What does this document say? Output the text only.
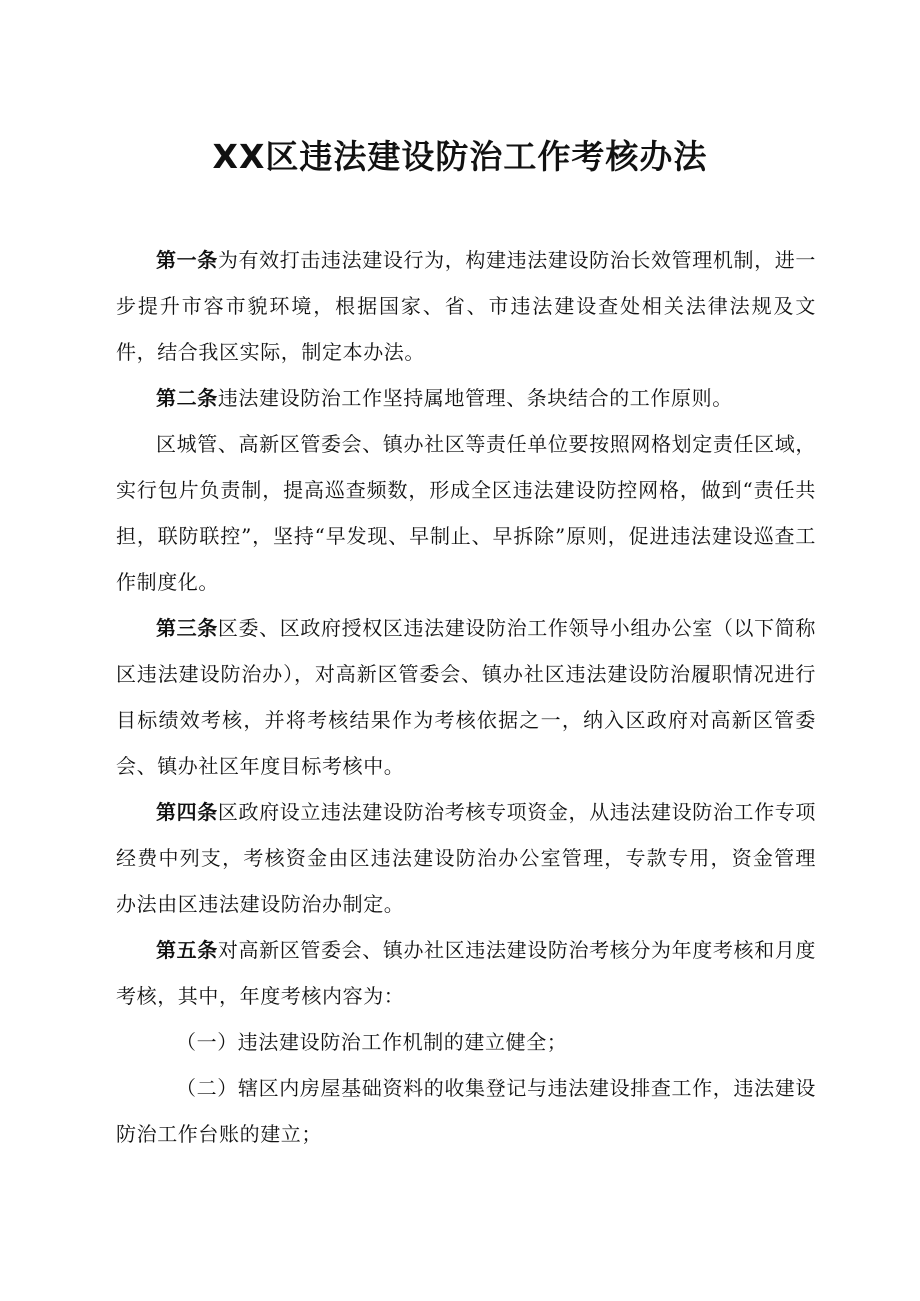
XX区违法建设防治工作考核办法

第一条为有效打击违法建设行为，构建违法建设防治长效管理机制，进一步提升市容市貌环境，根据国家、省、市违法建设查处相关法律法规及文件，结合我区实际，制定本办法。

第二条违法建设防治工作坚持属地管理、条块结合的工作原则。

区城管、高新区管委会、镇办社区等责任单位要按照网格划定责任区域，实行包片负责制，提高巡查频数，形成全区违法建设防控网格，做到“责任共担，联防联控”，坚持“早发现、早制止、早拆除”原则，促进违法建设巡查工作制度化。

第三条区委、区政府授权区违法建设防治工作领导小组办公室（以下简称区违法建设防治办），对高新区管委会、镇办社区违法建设防治履职情况进行目标绩效考核，并将考核结果作为考核依据之一，纳入区政府对高新区管委会、镇办社区年度目标考核中。

第四条区政府设立违法建设防治考核专项资金，从违法建设防治工作专项经费中列支，考核资金由区违法建设防治办公室管理，专款专用，资金管理办法由区违法建设防治办制定。

第五条对高新区管委会、镇办社区违法建设防治考核分为年度考核和月度考核，其中，年度考核内容为：

（一）违法建设防治工作机制的建立健全；

（二）辖区内房屋基础资料的收集登记与违法建设排查工作，违法建设防治工作台账的建立；
